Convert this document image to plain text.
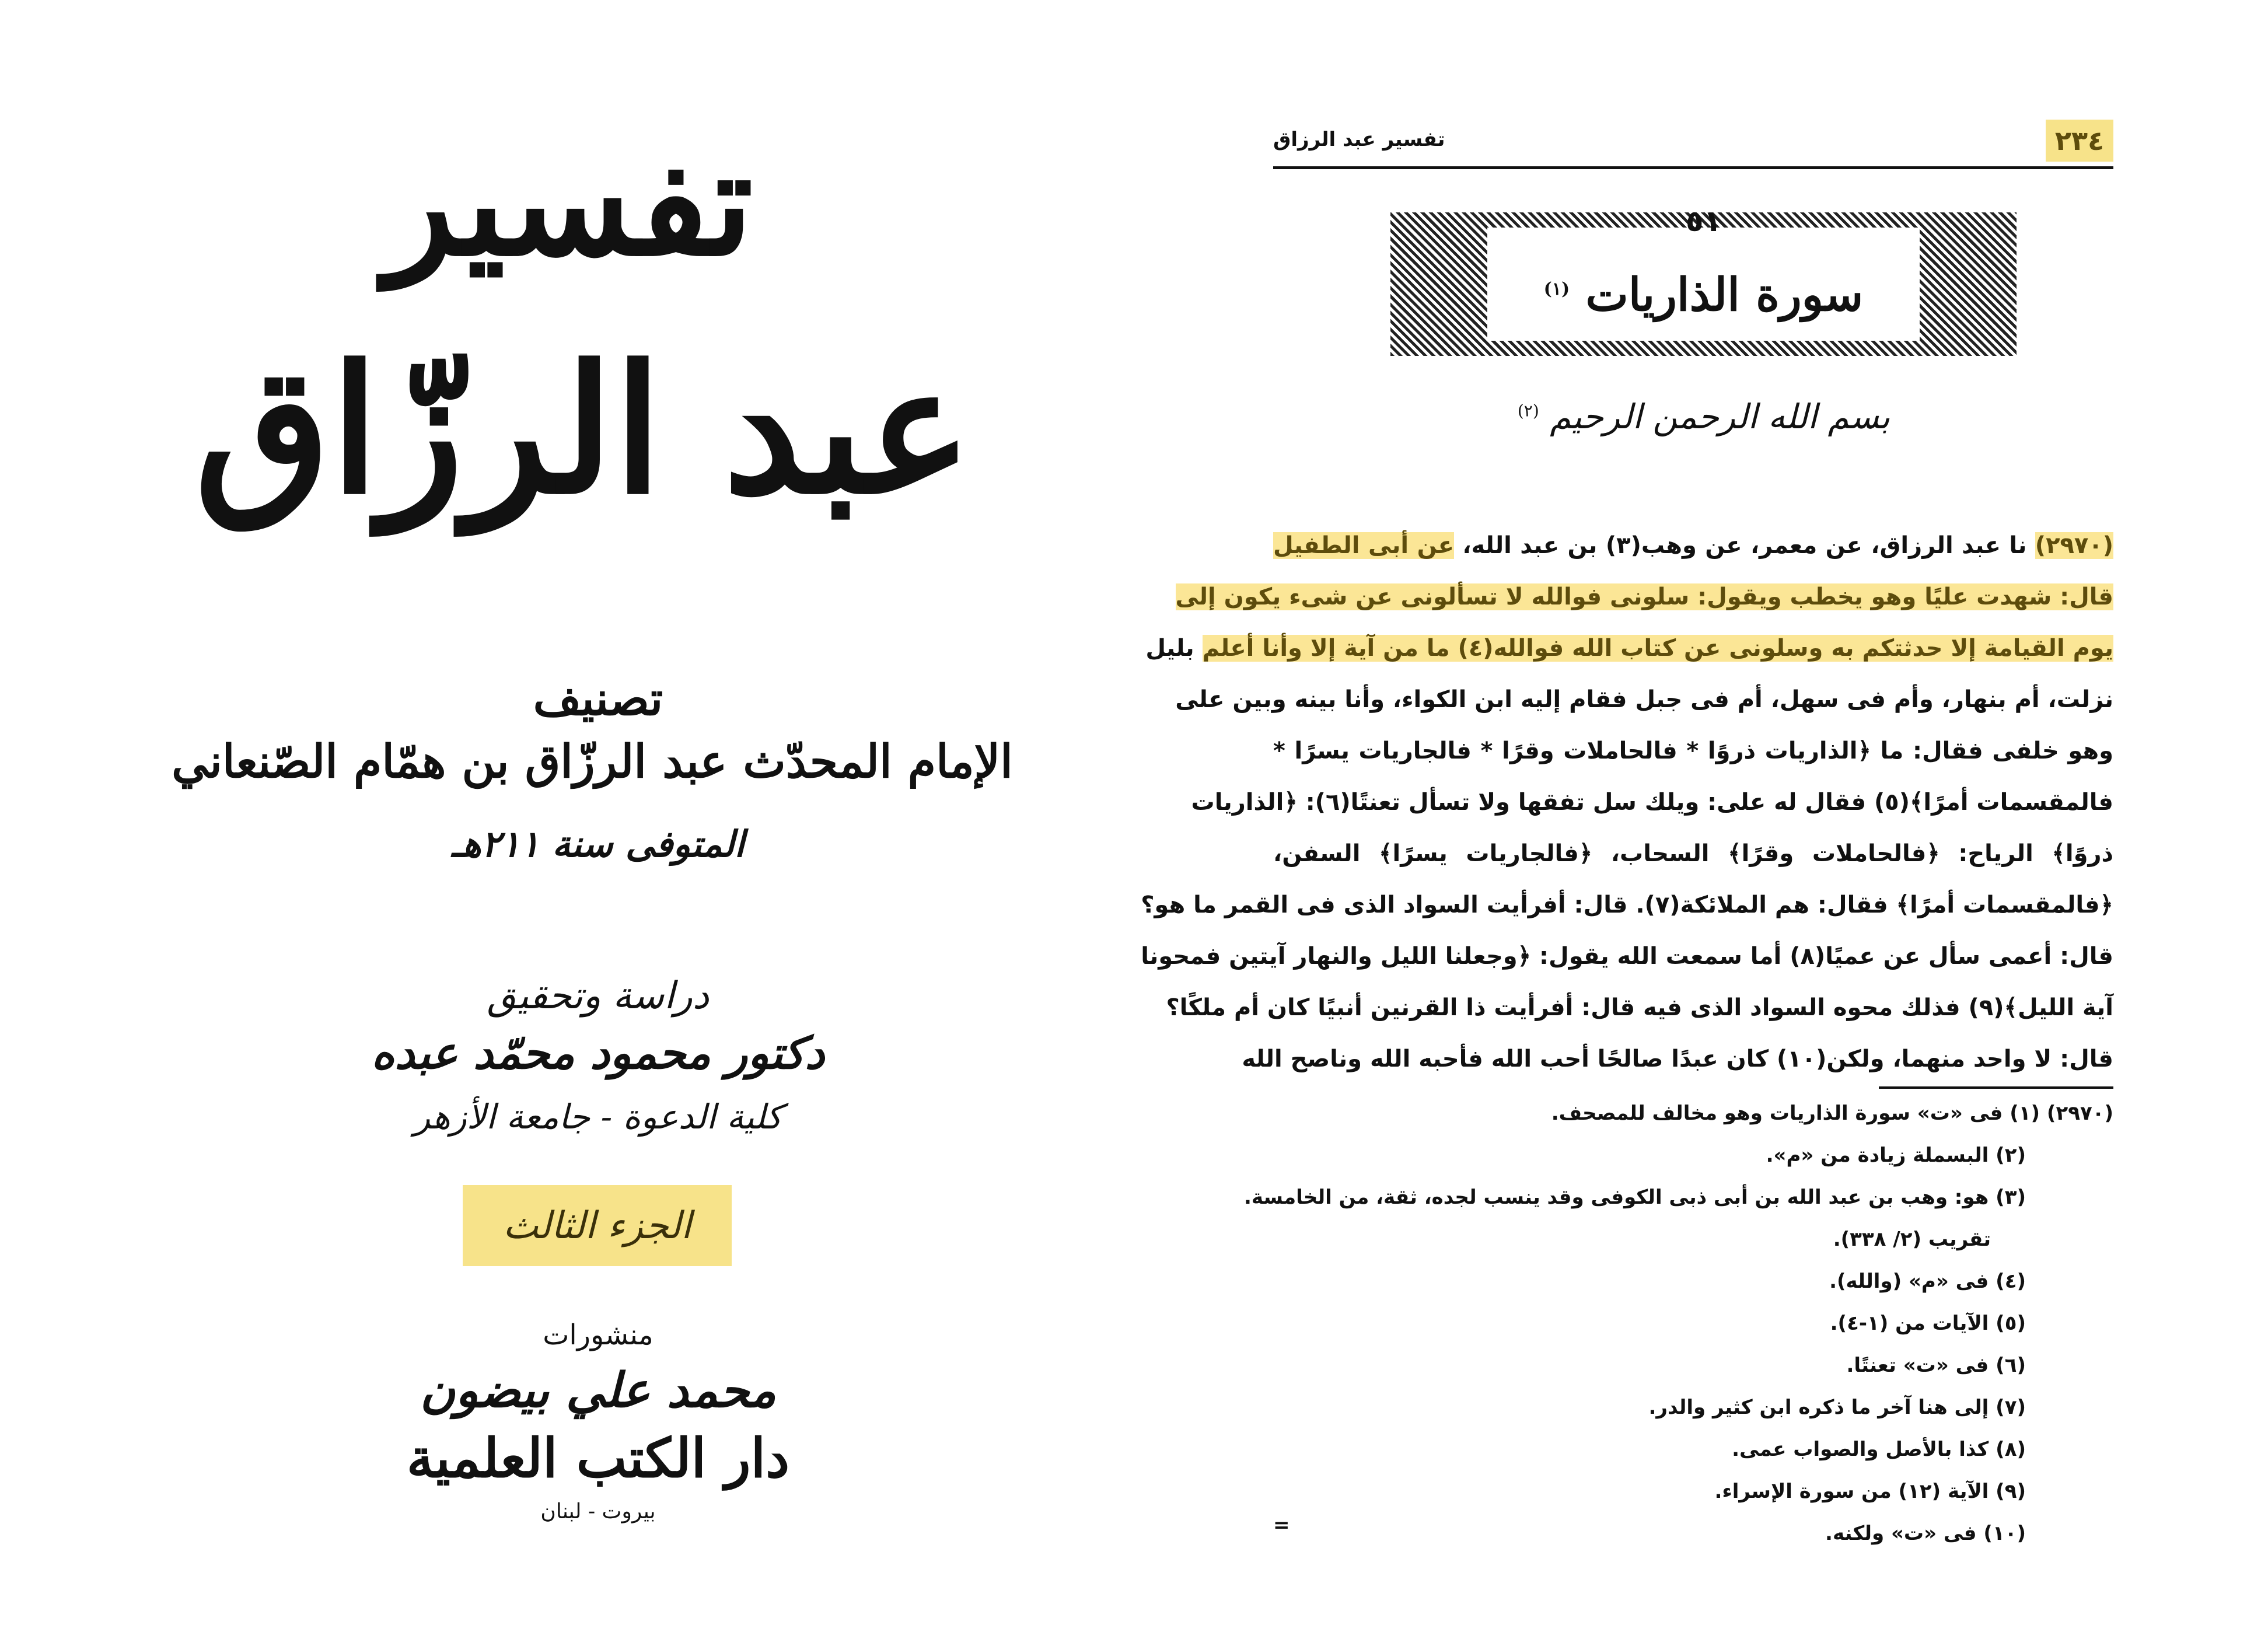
تفسير
عبد الرزّاق
تصنيف
الإمام المحدّث عبد الرزّاق بن همّام الصّنعاني
المتوفى سنة ٢١١هـ
دراسة وتحقيق
دكتور محمود محمّد عبده
كلية الدعوة - جامعة الأزهر
الجزء الثالث
منشورات
محمد علي بيضون
دار الكتب العلمية
بيروت - لبنان
٢٣٤
تفسير عبد الرزاق
٥١
سورة الذاريات $^{(١)}$
بسم الله الرحمن الرحيم $^{(٢)}$
(٢٩٧٠) نا عبد الرزاق، عن معمر، عن وهب(٣) بن عبد الله، عن أبى الطفيل
قال: شهدت عليًا وهو يخطب ويقول: سلونى فوالله لا تسألونى عن شىء يكون إلى
يوم القيامة إلا حدثتكم به وسلونى عن كتاب الله فوالله(٤) ما من آية إلا وأنا أعلم بليل
نزلت، أم بنهار، وأم فى سهل، أم فى جبل فقام إليه ابن الكواء، وأنا بينه وبين على
وهو خلفى فقال: ما ﴿الذاريات ذروًا * فالحاملات وقرًا * فالجاريات يسرًا *
فالمقسمات أمرًا﴾(٥) فقال له على: ويلك سل تفقها ولا تسأل تعنتًا(٦): ﴿الذاريات
ذروًا﴾ الرياح: ﴿فالحاملات وقرًا﴾ السحاب، ﴿فالجاريات يسرًا﴾ السفن،
﴿فالمقسمات أمرًا﴾ فقال: هم الملائكة(٧). قال: أفرأيت السواد الذى فى القمر ما هو؟
قال: أعمى سأل عن عميًا(٨) أما سمعت الله يقول: ﴿وجعلنا الليل والنهار آيتين فمحونا
آية الليل﴾(٩) فذلك محوه السواد الذى فيه قال: أفرأيت ذا القرنين أنبيًا كان أم ملكًا؟
قال: لا واحد منهما، ولكن(١٠) كان عبدًا صالحًا أحب الله فأحبه الله وناصح الله
(٢٩٧٠) (١) فى «ت» سورة الذاريات وهو مخالف للمصحف.
(٢) البسملة زيادة من «م».
(٣) هو: وهب بن عبد الله بن أبى ذبى الكوفى وقد ينسب لجده، ثقة، من الخامسة.
تقريب (٢/ ٣٣٨).
(٤) فى «م» (والله).
(٥) الآيات من (١-٤).
(٦) فى «ت» تعنتًا.
(٧) إلى هنا آخر ما ذكره ابن كثير والدر.
(٨) كذا بالأصل والصواب عمى.
(٩) الآية (١٢) من سورة الإسراء.
(١٠) فى «ت» ولكنه.
=
